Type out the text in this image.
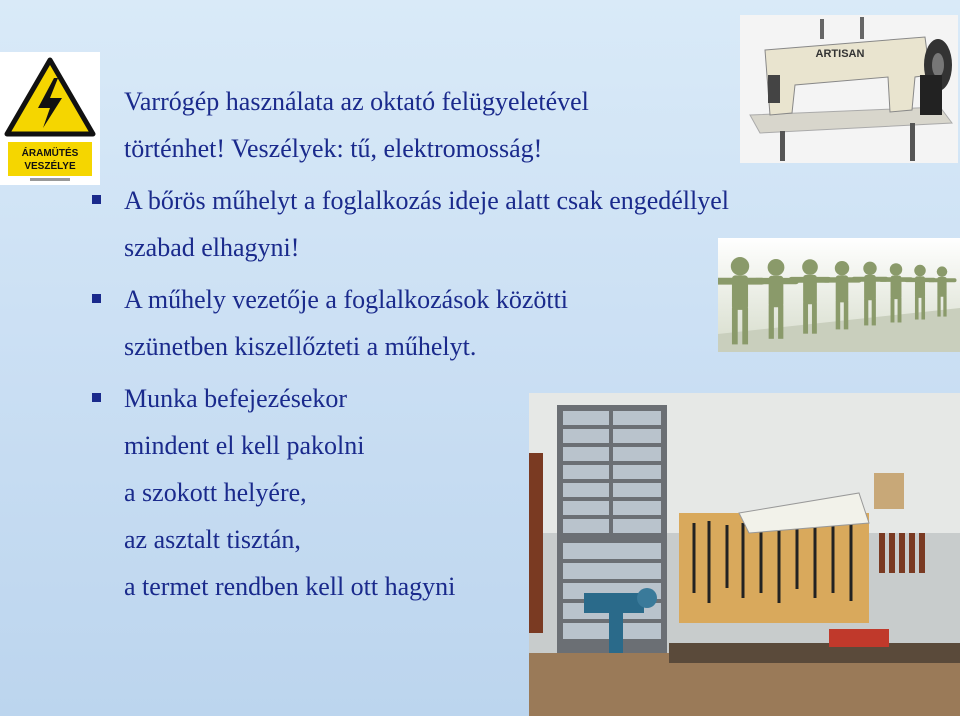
ÁRAMÜTÉS
VESZÉLYE
ARTISAN
Varrógép használata az oktató felügyeletével
történhet! Veszélyek: tű, elektromosság!
A bőrös műhelyt a foglalkozás ideje alatt csak engedéllyel
szabad elhagyni!
A műhely vezetője a foglalkozások közötti
szünetben kiszellőzteti a műhelyt.
Munka befejezésekor
mindent el kell pakolni
a szokott helyére,
az asztalt tisztán,
a termet rendben kell ott hagyni
